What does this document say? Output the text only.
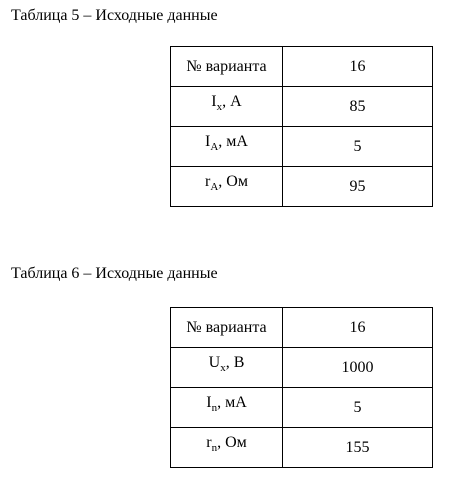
Таблица 5 – Исходные данные
№ варианта	16
$I_x$, А	85
$I_A$, мА	5
$r_A$, Ом	95
Таблица 6 – Исходные данные
№ варианта	16
$U_x$, В	1000
$I_n$, мА	5
$r_n$, Ом	155
